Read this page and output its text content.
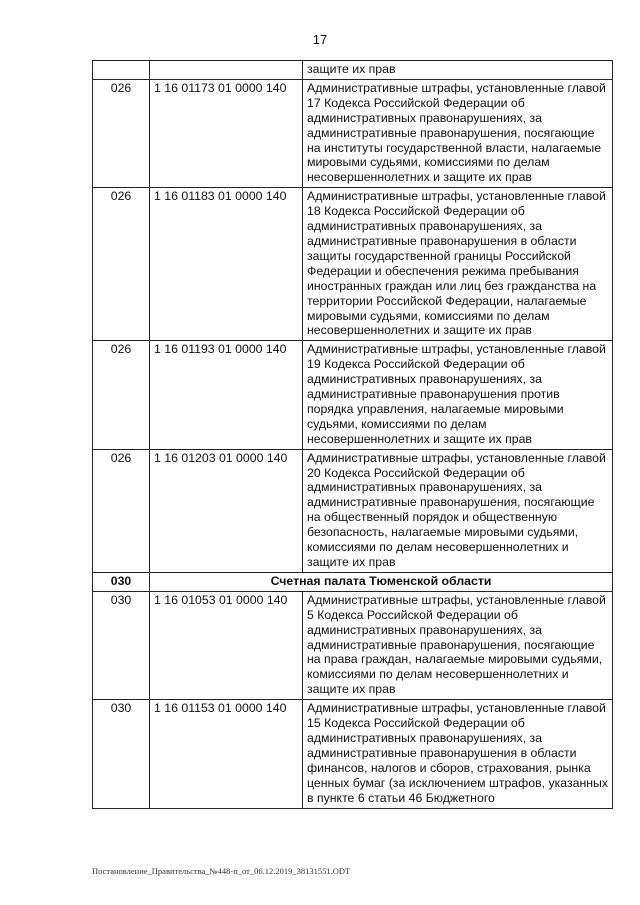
17
		защите их прав
026	1 16 01173 01 0000 140	Административные штрафы, установленные главой 17 Кодекса Российской Федерации об административных правонарушениях, за административные правонарушения, посягающие на институты государственной власти, налагаемые мировыми судьями, комиссиями по делам несовершеннолетних и защите их прав
026	1 16 01183 01 0000 140	Административные штрафы, установленные главой 18 Кодекса Российской Федерации об административных правонарушениях, за административные правонарушения в области защиты государственной границы Российской Федерации и обеспечения режима пребывания иностранных граждан или лиц без гражданства на территории Российской Федерации, налагаемые мировыми судьями, комиссиями по делам несовершеннолетних и защите их прав
026	1 16 01193 01 0000 140	Административные штрафы, установленные главой 19 Кодекса Российской Федерации об административных правонарушениях, за административные правонарушения против порядка управления, налагаемые мировыми судьями, комиссиями по делам несовершеннолетних и защите их прав
026	1 16 01203 01 0000 140	Административные штрафы, установленные главой 20 Кодекса Российской Федерации об административных правонарушениях, за административные правонарушения, посягающие на общественный порядок и общественную безопасность, налагаемые мировыми судьями, комиссиями по делам несовершеннолетних и защите их прав
030	Счетная палата Тюменской области	
030	1 16 01053 01 0000 140	Административные штрафы, установленные главой 5 Кодекса Российской Федерации об административных правонарушениях, за административные правонарушения, посягающие на права граждан, налагаемые мировыми судьями, комиссиями по делам несовершеннолетних и защите их прав
030	1 16 01153 01 0000 140	Административные штрафы, установленные главой 15 Кодекса Российской Федерации об административных правонарушениях, за административные правонарушения в области финансов, налогов и сборов, страхования, рынка ценных бумаг (за исключением штрафов, указанных в пункте 6 статьи 46 Бюджетного
Постановление_Правительства_№448-п_от_06.12.2019_38131551.ODT
